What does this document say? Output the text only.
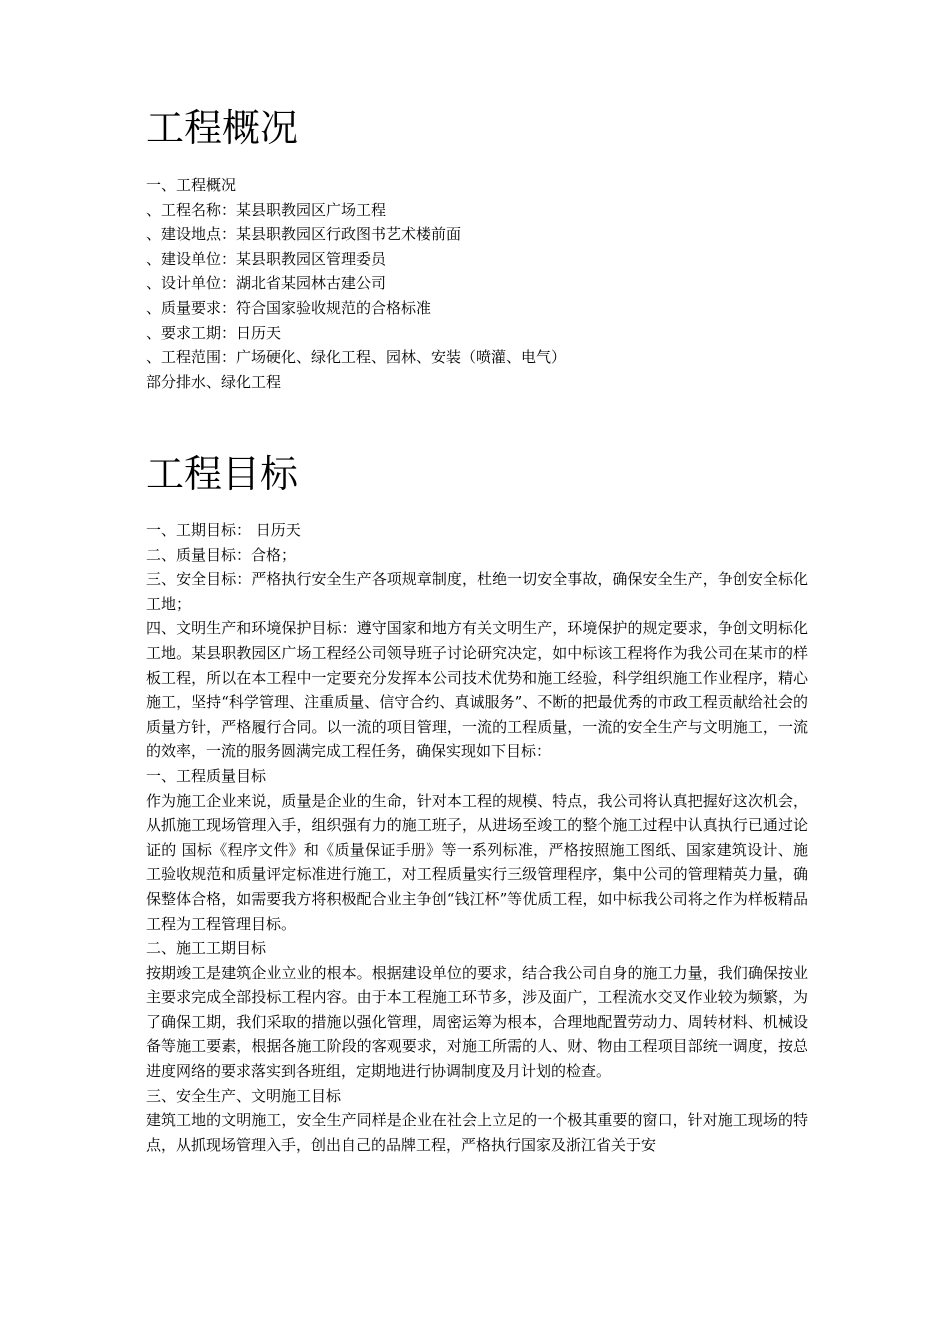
工程概况
一、工程概况
、工程名称：某县职教园区广场工程
、建设地点：某县职教园区行政图书艺术楼前面
、建设单位：某县职教园区管理委员
、设计单位：湖北省某园林古建公司
、质量要求：符合国家验收规范的合格标准
、要求工期：日历天
、工程范围：广场硬化、绿化工程、园林、安装（喷灌、电气）
部分排水、绿化工程
工程目标
一、工期目标： 日历天
二、质量目标：合格；
三、安全目标：严格执行安全生产各项规章制度，杜绝一切安全事故，确保安全生产，争创安全标化工地；
四、文明生产和环境保护目标：遵守国家和地方有关文明生产，环境保护的规定要求，争创文明标化工地。某县职教园区广场工程经公司领导班子讨论研究决定，如中标该工程将作为我公司在某市的样板工程，所以在本工程中一定要充分发挥本公司技术优势和施工经验，科学组织施工作业程序，精心施工，坚持“科学管理、注重质量、信守合约、真诚服务”、不断的把最优秀的市政工程贡献给社会的质量方针，严格履行合同。以一流的项目管理，一流的工程质量，一流的安全生产与文明施工，一流的效率，一流的服务圆满完成工程任务，确保实现如下目标：
一、工程质量目标
作为施工企业来说，质量是企业的生命，针对本工程的规模、特点，我公司将认真把握好这次机会，从抓施工现场管理入手，组织强有力的施工班子，从进场至竣工的整个施工过程中认真执行已通过论证的 国标《程序文件》和《质量保证手册》等一系列标准，严格按照施工图纸、国家建筑设计、施工验收规范和质量评定标准进行施工，对工程质量实行三级管理程序，集中公司的管理精英力量，确保整体合格，如需要我方将积极配合业主争创“钱江杯”等优质工程，如中标我公司将之作为样板精品工程为工程管理目标。
二、施工工期目标
按期竣工是建筑企业立业的根本。根据建设单位的要求，结合我公司自身的施工力量，我们确保按业主要求完成全部投标工程内容。由于本工程施工环节多，涉及面广，工程流水交叉作业较为频繁，为了确保工期，我们采取的措施以强化管理，周密运筹为根本，合理地配置劳动力、周转材料、机械设备等施工要素，根据各施工阶段的客观要求，对施工所需的人、财、物由工程项目部统一调度，按总进度网络的要求落实到各班组，定期地进行协调制度及月计划的检查。
三、安全生产、文明施工目标
建筑工地的文明施工，安全生产同样是企业在社会上立足的一个极其重要的窗口，针对施工现场的特点，从抓现场管理入手，创出自己的品牌工程，严格执行国家及浙江省关于安
